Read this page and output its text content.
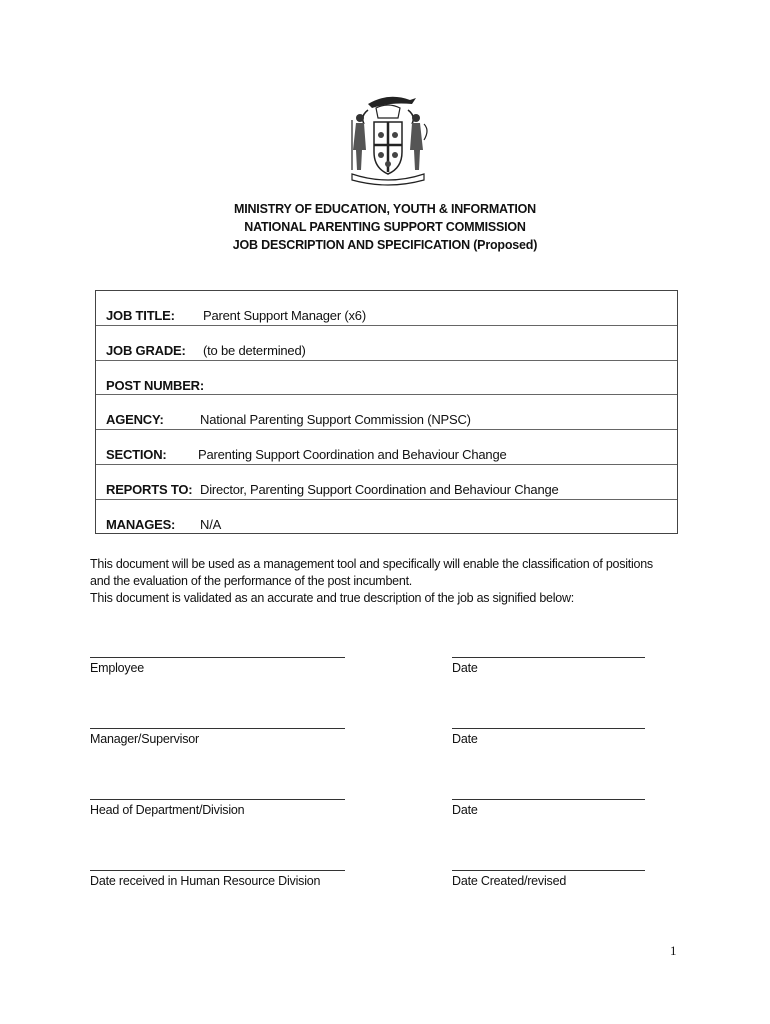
MINISTRY OF EDUCATION, YOUTH & INFORMATION
NATIONAL PARENTING SUPPORT COMMISSION
JOB DESCRIPTION AND SPECIFICATION (Proposed)
JOB TITLE: Parent Support Manager (x6)
JOB GRADE: (to be determined)
POST NUMBER:
AGENCY:	National Parenting Support Commission (NPSC)
SECTION: Parenting Support Coordination and Behaviour Change
REPORTS TO: Director, Parenting Support Coordination and Behaviour Change
MANAGES: N/A
This document will be used as a management tool and specifically will enable the classification of positions
and the evaluation of the performance of the post incumbent.
This document is validated as an accurate and true description of the job as signified below:
Employee	Date
Manager/Supervisor	Date
Head of Department/Division	Date
Date received in Human Resource Division	Date Created/revised
1
